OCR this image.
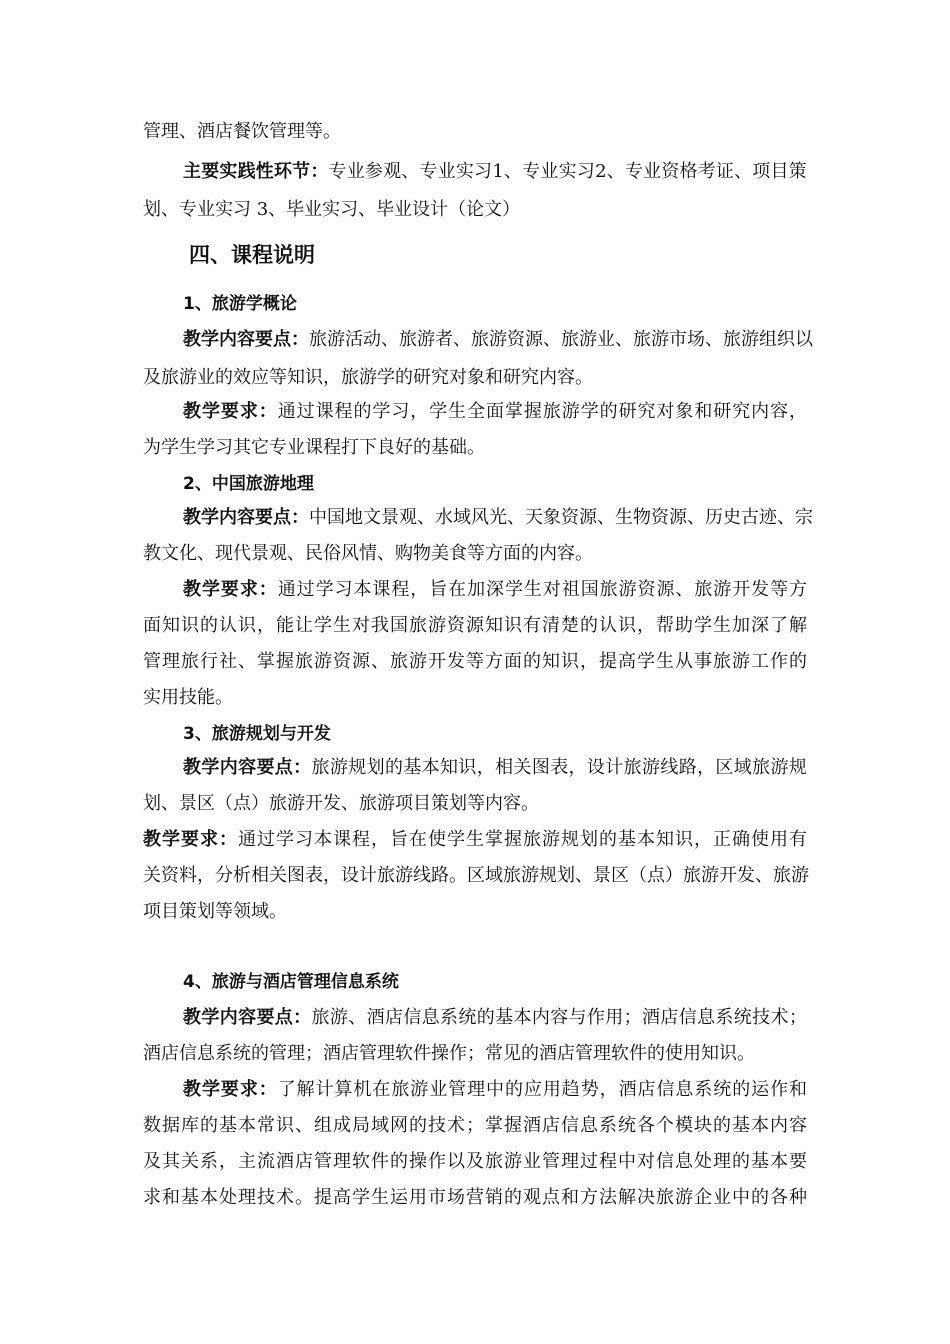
管理、酒店餐饮管理等。
主 要 实 践 性 环 节 ： 专 业 参 观 、 专 业 实 习 1 、 专 业 实 习 2 、 专 业 资 格 考 证 、 项 目 策
划、专业实习 3、毕业实习、毕业设计（论文）
四、课程说明
1、旅游学概论
教 学 内 容 要 点 ： 旅 游 活 动 、 旅 游 者 、 旅 游 资 源 、 旅 游 业 、 旅 游 市 场 、 旅 游 组 织 以
及旅游业的效应等知识，旅游学的研究对象和研究内容。
教 学 要 求 ： 通 过 课 程 的 学 习 ， 学 生 全 面 掌 握 旅 游 学 的 研 究 对 象 和 研 究 内 容 ，
为学生学习其它专业课程打下良好的基础。
2、中国旅游地理
教 学 内 容 要 点 ： 中 国 地 文 景 观 、 水 域 风 光 、 天 象 资 源 、 生 物 资 源 、 历 史 古 迹 、 宗
教文化、现代景观、民俗风情、购物美食等方面的内容。
教 学 要 求 ： 通 过 学 习 本 课 程 ， 旨 在 加 深 学 生 对 祖 国 旅 游 资 源 、 旅 游 开 发 等 方
面 知 识 的 认 识 ， 能 让 学 生 对 我 国 旅 游 资 源 知 识 有 清 楚 的 认 识 ， 帮 助 学 生 加 深 了 解
管 理 旅 行 社 、 掌 握 旅 游 资 源 、 旅 游 开 发 等 方 面 的 知 识 ， 提 高 学 生 从 事 旅 游 工 作 的
实用技能。
3、旅游规划与开发
教 学 内 容 要 点 ： 旅 游 规 划 的 基 本 知 识 ， 相 关 图 表 ， 设 计 旅 游 线 路 ， 区 域 旅 游 规
划、景区（点）旅游开发、旅游项目策划等内容。
教 学 要 求 ： 通 过 学 习 本 课 程 ， 旨 在 使 学 生 掌 握 旅 游 规 划 的 基 本 知 识 ， 正 确 使 用 有
关 资 料 ， 分 析 相 关 图 表 ， 设 计 旅 游 线 路 。 区 域 旅 游 规 划 、 景 区 （ 点 ） 旅 游 开 发 、 旅 游
项目策划等领域。
4、旅游与酒店管理信息系统
教 学 内 容 要 点 ： 旅 游 、 酒 店 信 息 系 统 的 基 本 内 容 与 作 用 ； 酒 店 信 息 系 统 技 术 ；
酒店信息系统的管理；酒店管理软件操作；常见的酒店管理软件的使用知识。
教 学 要 求 ： 了 解 计 算 机 在 旅 游 业 管 理 中 的 应 用 趋 势 ， 酒 店 信 息 系 统 的 运 作 和
数 据 库 的 基 本 常 识 、 组 成 局 域 网 的 技 术 ； 掌 握 酒 店 信 息 系 统 各 个 模 块 的 基 本 内 容
及 其 关 系 ， 主 流 酒 店 管 理 软 件 的 操 作 以 及 旅 游 业 管 理 过 程 中 对 信 息 处 理 的 基 本 要
求 和 基 本 处 理 技 术 。 提 高 学 生 运 用 市 场 营 销 的 观 点 和 方 法 解 决 旅 游 企 业 中 的 各 种
